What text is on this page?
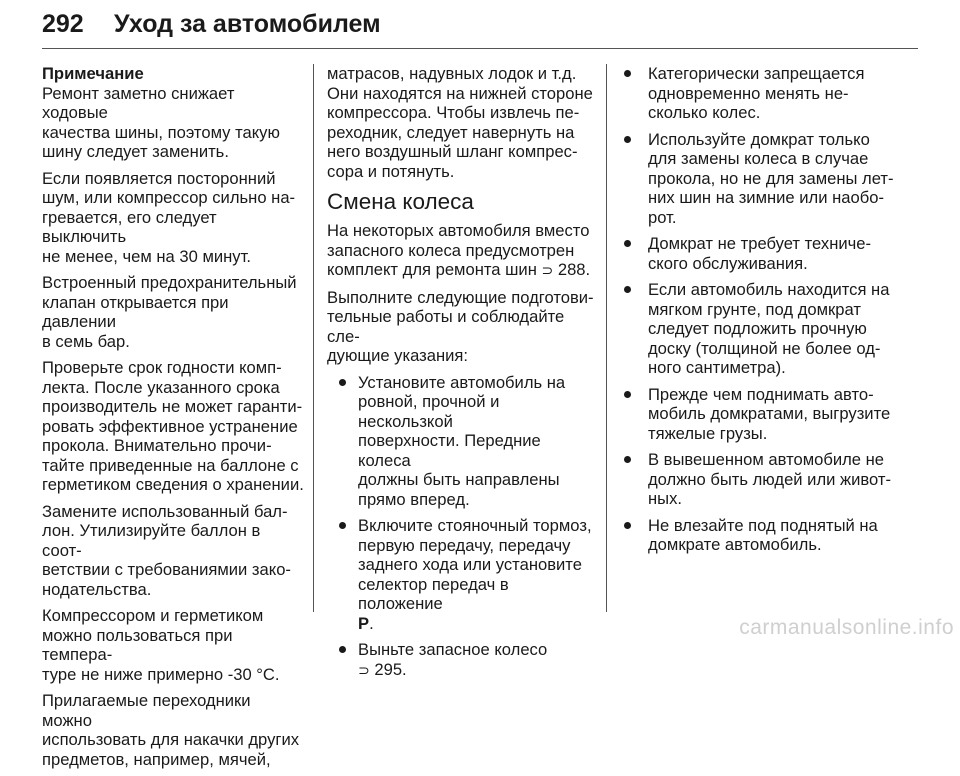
292	Уход за автомобилем

Примечание

Ремонт заметно снижает ходовые
качества шины, поэтому такую
шину следует заменить.

Если появляется посторонний
шум, или компрессор сильно на-
гревается, его следует выключить
не менее, чем на 30 минут.

Встроенный предохранительный
клапан открывается при давлении
в семь бар.

Проверьте срок годности комп-
лекта. После указанного срока
производитель не может гаранти-
ровать эффективное устранение
прокола. Внимательно прочи-
тайте приведенные на баллоне с
герметиком сведения о хранении.

Замените использованный бал-
лон. Утилизируйте баллон в соот-
ветствии с требованиямии зако-
нодательства.

Компрессором и герметиком
можно пользоваться при темпера-
туре не ниже примерно -30 °C.

Прилагаемые переходники можно
использовать для накачки других
предметов, например, мячей,

матрасов, надувных лодок и т.д.
Они находятся на нижней стороне
компрессора. Чтобы извлечь пе-
реходник, следует навернуть на
него воздушный шланг компрес-
сора и потянуть.

Смена колеса

На некоторых автомобиля вместо
запасного колеса предусмотрен
комплект для ремонта шин ⊃ 288.

Выполните следующие подготови-
тельные работы и соблюдайте сле-
дующие указания:

Установите автомобиль на
ровной, прочной и нескользкой
поверхности. Передние колеса
должны быть направлены
прямо вперед.
Включите стояночный тормоз,
первую передачу, передачу
заднего хода или установите
селектор передач в положение
P.
Выньте запасное колесо
⊃ 295.
Категорически запрещается
одновременно менять не-
сколько колес.
Используйте домкрат только
для замены колеса в случае
прокола, но не для замены лет-
них шин на зимние или наобо-
рот.
Домкрат не требует техниче-
ского обслуживания.
Если автомобиль находится на
мягком грунте, под домкрат
следует подложить прочную
доску (толщиной не более од-
ного сантиметра).
Прежде чем поднимать авто-
мобиль домкратами, выгрузите
тяжелые грузы.
В вывешенном автомобиле не
должно быть людей или живот-
ных.
Не влезайте под поднятый на
домкрате автомобиль.
carmanualsonline.info
